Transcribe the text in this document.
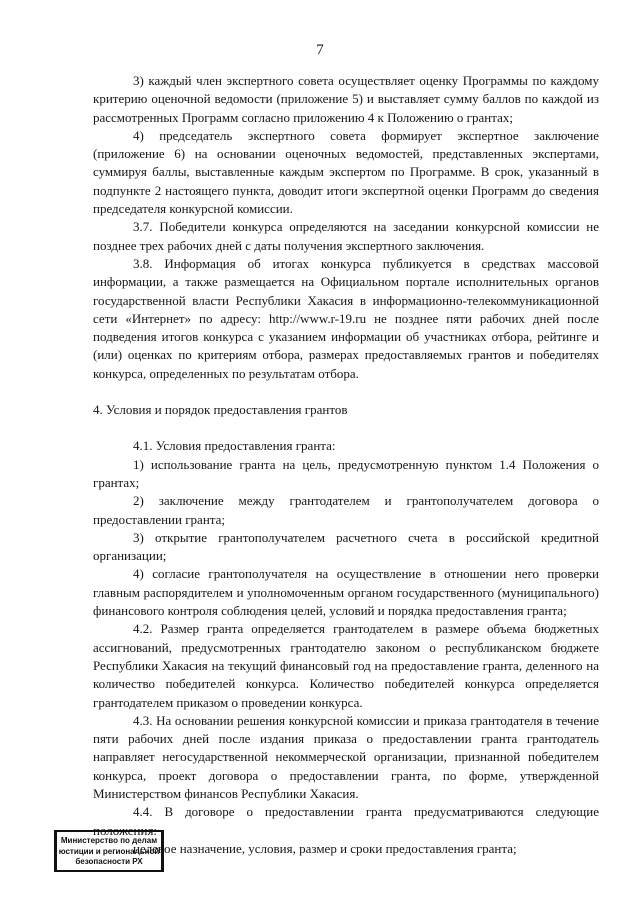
7

3) каждый член экспертного совета осуществляет оценку Программы по каждому критерию оценочной ведомости (приложение 5) и выставляет сумму баллов по каждой из рассмотренных Программ согласно приложению 4 к Положению о грантах;

4) председатель экспертного совета формирует экспертное заключение (приложение 6) на основании оценочных ведомостей, представленных экспертами, суммируя баллы, выставленные каждым экспертом по Программе. В срок, указанный в подпункте 2 настоящего пункта, доводит итоги экспертной оценки Программ до сведения председателя конкурсной комиссии.

3.7. Победители конкурса определяются на заседании конкурсной комиссии не позднее трех рабочих дней с даты получения экспертного заключения.

3.8. Информация об итогах конкурса публикуется в средствах массовой информации, а также размещается на Официальном портале исполнительных органов государственной власти Республики Хакасия в информационно-телекоммуникационной сети «Интернет» по адресу: http://www.r-19.ru не позднее пяти рабочих дней после подведения итогов конкурса с указанием информации об участниках отбора, рейтинге и (или) оценках по критериям отбора, размерах предоставляемых грантов и победителях конкурса, определенных по результатам отбора.

4. Условия и порядок предоставления грантов

4.1. Условия предоставления гранта:

1) использование гранта на цель, предусмотренную пунктом 1.4 Положения о грантах;

2) заключение между грантодателем и грантополучателем договора о предоставлении гранта;

3) открытие грантополучателем расчетного счета в российской кредитной организации;

4) согласие грантополучателя на осуществление в отношении него проверки главным распорядителем и уполномоченным органом государственного (муниципального) финансового контроля соблюдения целей, условий и порядка предоставления гранта;

4.2. Размер гранта определяется грантодателем в размере объема бюджетных ассигнований, предусмотренных грантодателю законом о республиканском бюджете Республики Хакасия на текущий финансовый год на предоставление гранта, деленного на количество победителей конкурса. Количество победителей конкурса определяется грантодателем приказом о проведении конкурса.

4.3. На основании решения конкурсной комиссии и приказа грантодателя в течение пяти рабочих дней после издания приказа о предоставлении гранта грантодатель направляет негосударственной некоммерческой организации, признанной победителем конкурса, проект договора о предоставлении гранта, по форме, утвержденной Министерством финансов Республики Хакасия.

4.4. В договоре о предоставлении гранта предусматриваются следующие положения:

целевое назначение, условия, размер и сроки предоставления гранта;

Министерство по делам
юстиции и региональной
безопасности РХ
